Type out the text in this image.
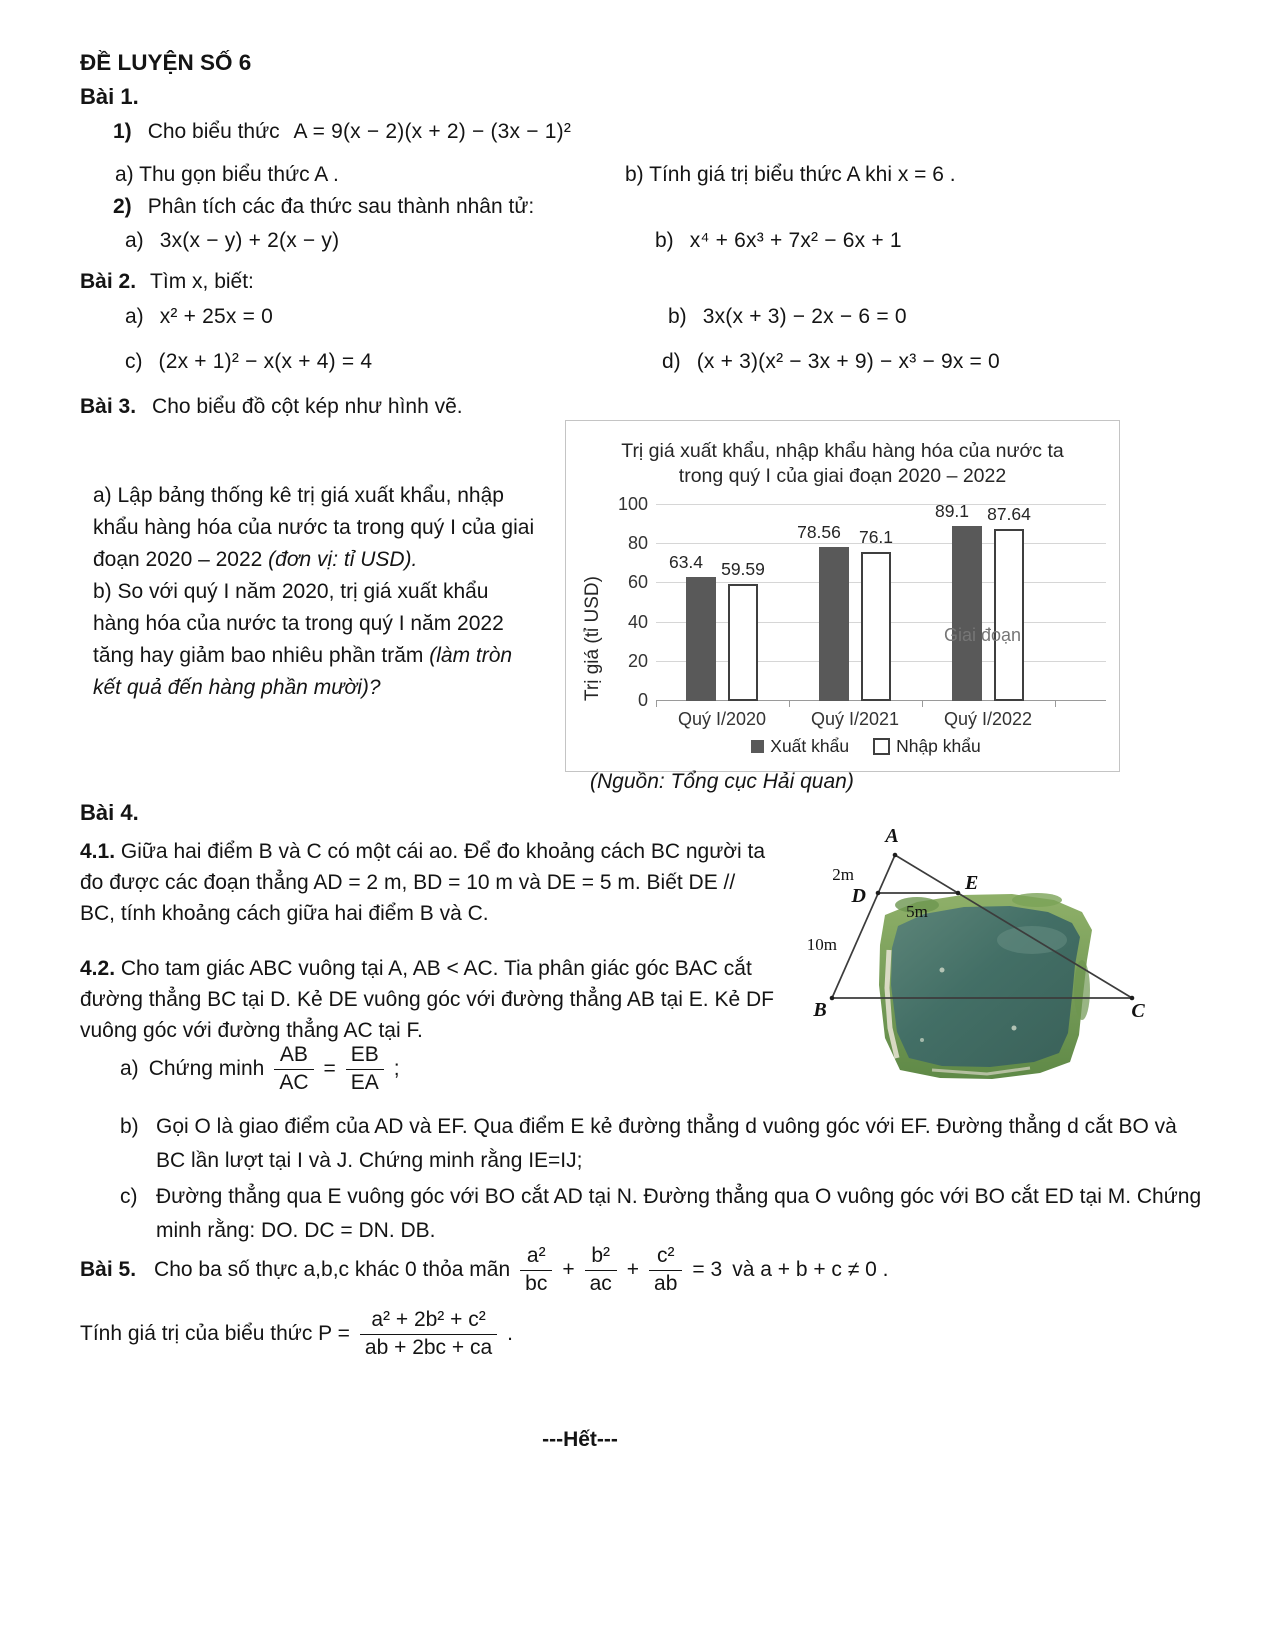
ĐỀ LUYỆN SỐ 6
Bài 1.
1) Cho biểu thức A = 9(x − 2)(x + 2) − (3x − 1)²
a) Thu gọn biểu thức A .	b) Tính giá trị biểu thức A khi x = 6 .
2) Phân tích các đa thức sau thành nhân tử:
a) 3x(x − y) + 2(x − y)	b) x⁴ + 6x³ + 7x² − 6x + 1
Bài 2. Tìm x, biết:
a) x² + 25x = 0	b) 3x(x + 3) − 2x − 6 = 0
c) (2x + 1)² − x(x + 4) = 4	d) (x + 3)(x² − 3x + 9) − x³ − 9x = 0
Bài 3. Cho biểu đồ cột kép như hình vẽ.

a) Lập bảng thống kê trị giá xuất khẩu, nhập khẩu hàng hóa của nước ta trong quý I của giai đoạn 2020 – 2022 (đơn vị: tỉ USD).

b) So với quý I năm 2020, trị giá xuất khẩu hàng hóa của nước ta trong quý I năm 2022 tăng hay giảm bao nhiêu phần trăm (làm tròn kết quả đến hàng phần mười)?

Trị giá xuất khẩu, nhập khẩu hàng hóa của nước ta
trong quý I của giai đoạn 2020 – 2022
Trị giá (tỉ USD)	0
20
40
60
80
100
63.4	59.59
Quý I/2020
78.56	76.1
Quý I/2021
89.1	87.64
Quý I/2022
Giai đoạn
Xuất khẩu	Nhập khẩu
(Nguồn: Tổng cục Hải quan)
Bài 4.
4.1. Giữa hai điểm B và C có một cái ao. Để đo khoảng cách BC người ta đo được các đoạn thẳng AD = 2 m, BD = 10 m và DE = 5 m. Biết DE // BC, tính khoảng cách giữa hai điểm B và C.
4.2. Cho tam giác ABC vuông tại A, AB < AC. Tia phân giác góc BAC cắt đường thẳng BC tại D. Kẻ DE vuông góc với đường thẳng AB tại E. Kẻ DF vuông góc với đường thẳng AC tại F.
a) Chứng minh $\frac{AB}{AC} = \frac{EB}{EA}$ ;
b) Gọi O là giao điểm của AD và EF. Qua điểm E kẻ đường thẳng d vuông góc với EF. Đường thẳng d cắt BO và BC lần lượt tại I và J. Chứng minh rằng IE=IJ;
c) Đường thẳng qua E vuông góc với BO cắt AD tại N. Đường thẳng qua O vuông góc với BO cắt ED tại M. Chứng minh rằng: DO. DC = DN. DB.
Bài 5. Cho ba số thực a,b,c khác 0 thỏa mãn $\frac{\text{a²}}{bc} + \frac{\text{b²}}{ac} + \frac{\text{c²}}{ab} = 3$ và a + b + c ≠ 0 .
Tính giá trị của biểu thức $P = \frac{\text{a² + 2b² + c²}}{ab + 2bc + ca}$ .
---Hết---
A
D
E
B	C
2m
5m
10m
